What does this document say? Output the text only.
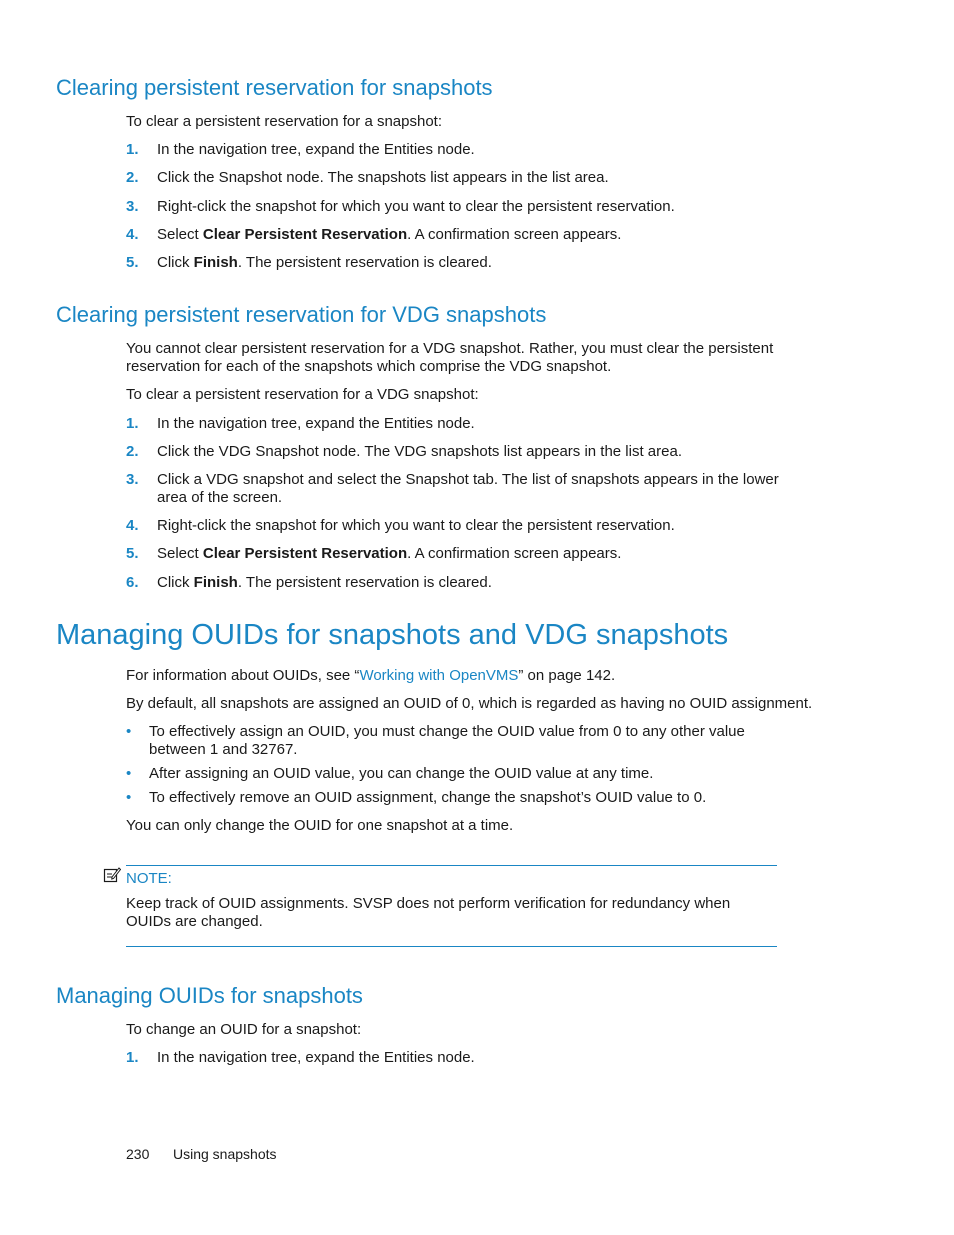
Clearing persistent reservation for snapshots
To clear a persistent reservation for a snapshot:
1. In the navigation tree, expand the Entities node.
2. Click the Snapshot node. The snapshots list appears in the list area.
3. Right-click the snapshot for which you want to clear the persistent reservation.
4. Select Clear Persistent Reservation. A confirmation screen appears.
5. Click Finish. The persistent reservation is cleared.
Clearing persistent reservation for VDG snapshots
You cannot clear persistent reservation for a VDG snapshot. Rather, you must clear the persistent reservation for each of the snapshots which comprise the VDG snapshot.
To clear a persistent reservation for a VDG snapshot:
1. In the navigation tree, expand the Entities node.
2. Click the VDG Snapshot node. The VDG snapshots list appears in the list area.
3. Click a VDG snapshot and select the Snapshot tab. The list of snapshots appears in the lower area of the screen.
4. Right-click the snapshot for which you want to clear the persistent reservation.
5. Select Clear Persistent Reservation. A confirmation screen appears.
6. Click Finish. The persistent reservation is cleared.
Managing OUIDs for snapshots and VDG snapshots
For information about OUIDs, see “Working with OpenVMS” on page 142.
By default, all snapshots are assigned an OUID of 0, which is regarded as having no OUID assignment.
• To effectively assign an OUID, you must change the OUID value from 0 to any other value between 1 and 32767.
• After assigning an OUID value, you can change the OUID value at any time.
• To effectively remove an OUID assignment, change the snapshot’s OUID value to 0.
You can only change the OUID for one snapshot at a time.
NOTE:
Keep track of OUID assignments. SVSP does not perform verification for redundancy when OUIDs are changed.
Managing OUIDs for snapshots
To change an OUID for a snapshot:
1. In the navigation tree, expand the Entities node.
230 Using snapshots
